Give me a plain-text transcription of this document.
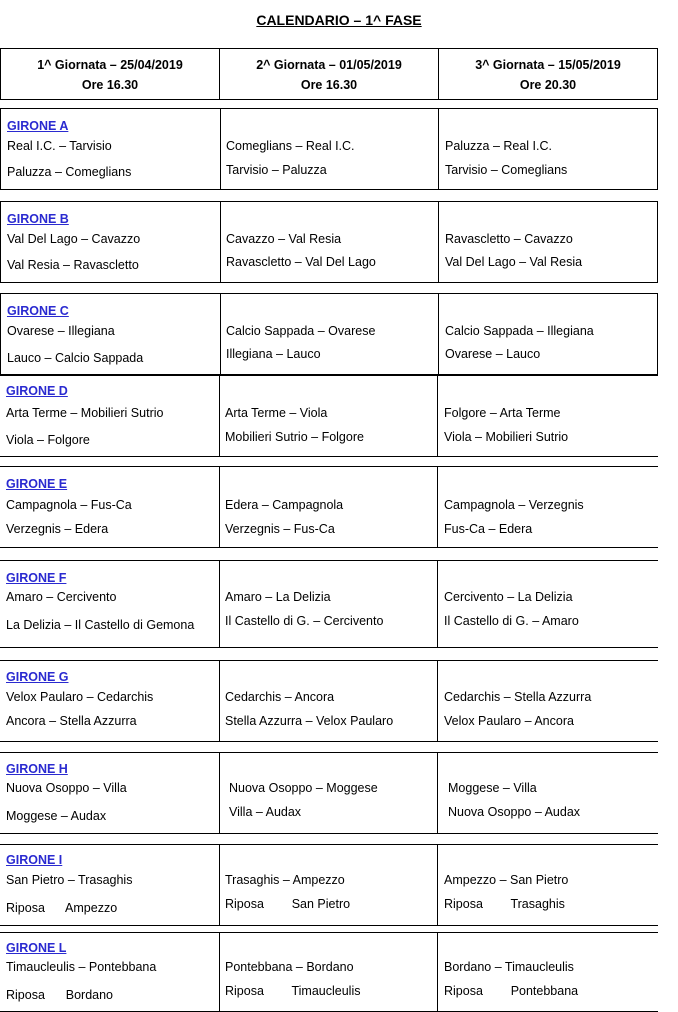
CALENDARIO – 1^ FASE
1^ Giornata – 25/04/2019
Ore 16.30
2^ Giornata – 01/05/2019
Ore 16.30
3^ Giornata – 15/05/2019
Ore 20.30
GIRONE A
Real I.C. – Tarvisio
Paluzza – Comeglians
Comeglians – Real I.C.
Tarvisio – Paluzza
Paluzza – Real I.C.
Tarvisio – Comeglians
GIRONE B
Val Del Lago – Cavazzo
Val Resia – Ravascletto
Cavazzo – Val Resia
Ravascletto – Val Del Lago
Ravascletto – Cavazzo
Val Del Lago – Val Resia
GIRONE C
Ovarese – Illegiana
Lauco – Calcio Sappada
Calcio Sappada – Ovarese
Illegiana – Lauco
Calcio Sappada – Illegiana
Ovarese – Lauco
GIRONE D
Arta Terme – Mobilieri Sutrio
Viola – Folgore
Arta Terme – Viola
Mobilieri Sutrio – Folgore
Folgore – Arta Terme
Viola – Mobilieri Sutrio
GIRONE E
Campagnola – Fus-Ca
Verzegnis – Edera
Edera – Campagnola
Verzegnis – Fus-Ca
Campagnola – Verzegnis
Fus-Ca – Edera
GIRONE F
Amaro – Cercivento
La Delizia – Il Castello di Gemona
Amaro – La Delizia
Il Castello di G. – Cercivento
Cercivento – La Delizia
Il Castello di G. – Amaro
GIRONE G
Velox Paularo – Cedarchis
Ancora – Stella Azzurra
Cedarchis – Ancora
Stella Azzurra – Velox Paularo
Cedarchis – Stella Azzurra
Velox Paularo – Ancora
GIRONE H
Nuova Osoppo – Villa
Moggese – Audax
Nuova Osoppo – Moggese
Villa – Audax
Moggese – Villa
Nuova Osoppo – Audax
GIRONE I
San Pietro – Trasaghis
Riposa      Ampezzo
Trasaghis – Ampezzo
Riposa        San Pietro
Ampezzo – San Pietro
Riposa        Trasaghis
GIRONE L
Timaucleulis – Pontebbana
Riposa      Bordano
Pontebbana – Bordano
Riposa        Timaucleulis
Bordano – Timaucleulis
Riposa        Pontebbana
